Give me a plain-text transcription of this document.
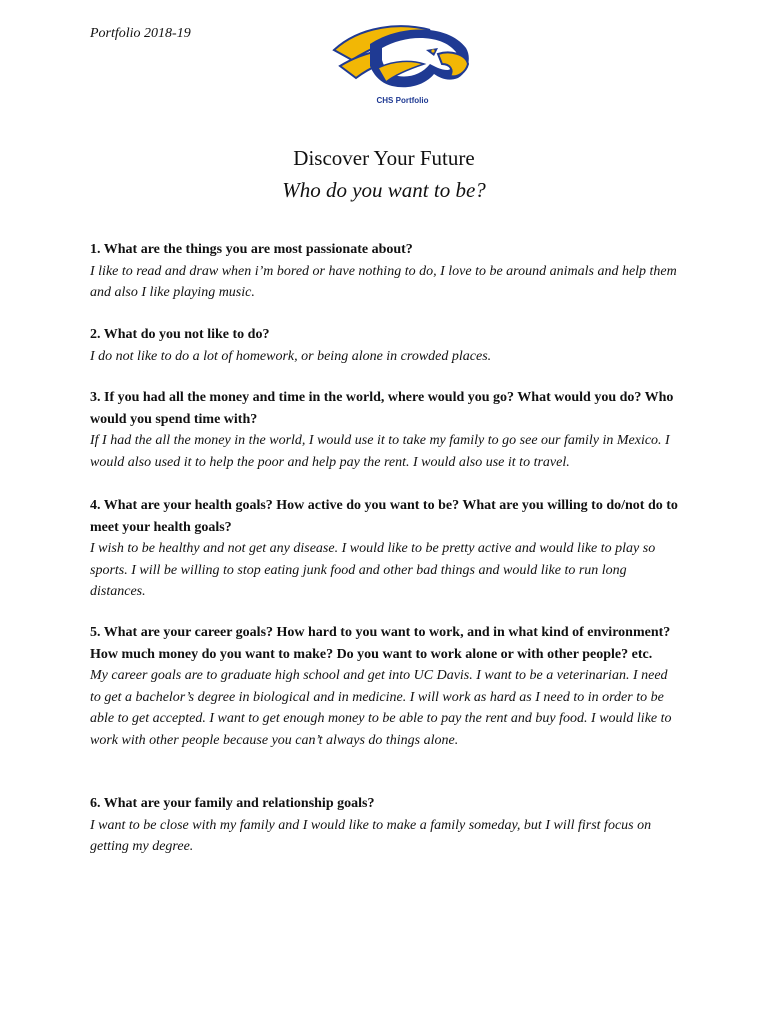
Portfolio 2018-19
CHS Portfolio
Discover Your Future
Who do you want to be?
1. What are the things you are most passionate about?
I like to read and draw when i’m bored or have nothing to do, I love to be around animals and help them and also I like playing music.
2. What do you not like to do?
I do not like to do a lot of homework, or being alone in crowded places.
3. If you had all the money and time in the world, where would you go? What would you do? Who would you spend time with?
If I had the all the money in the world, I would use it to take my family to go see our family in Mexico. I would also used it to help the poor and help pay the rent. I would also use it to travel.
4. What are your health goals? How active do you want to be? What are you willing to do/not do to meet your health goals?
I wish to be healthy and not get any disease. I would like to be pretty active and would like to play so sports. I will be willing to stop eating junk food and other bad things and would like to run long distances.
5. What are your career goals? How hard to you want to work, and in what kind of environment? How much money do you want to make? Do you want to work alone or with other people? etc.
My career goals are to graduate high school and get into UC Davis. I want to be a veterinarian. I need to get a bachelor’s degree in biological and in medicine. I will work as hard as I need to in order to be able to get accepted. I want to get enough money to be able to pay the rent and buy food. I would like to work with other people because you can’t always do things alone.
6. What are your family and relationship goals?
I want to be close with my family and I would like to make a family someday, but I will first focus on getting my degree.
